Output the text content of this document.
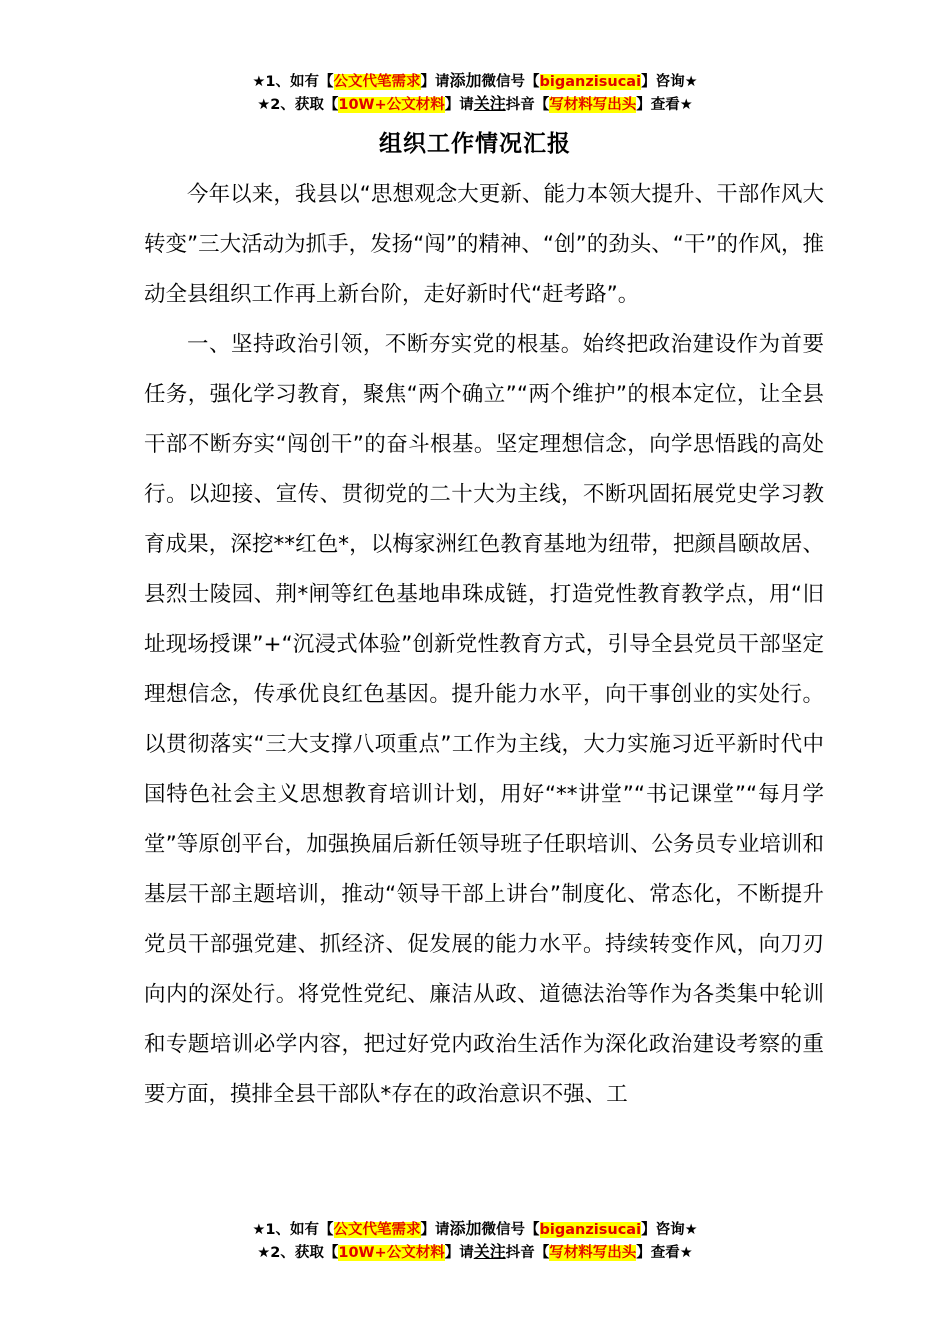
★1、如有【公文代笔需求】请添加微信号【biganzisucai】咨询★
★2、获取【10W+公文材料】请关注抖音【写材料写出头】查看★
组织工作情况汇报

今年以来，我县以“思想观念大更新、能力本领大提升、干部作风大转变”三大活动为抓手，发扬“闯”的精神、“创”的劲头、“干”的作风，推动全县组织工作再上新台阶，走好新时代“赶考路”。

一、坚持政治引领，不断夯实党的根基。始终把政治建设作为首要任务，强化学习教育，聚焦“两个确立”“两个维护”的根本定位，让全县干部不断夯实“闯创干”的奋斗根基。坚定理想信念，向学思悟践的高处行。以迎接、宣传、贯彻党的二十大为主线，不断巩固拓展党史学习教育成果，深挖**红色*，以梅家洲红色教育基地为纽带，把颜昌颐故居、县烈士陵园、荆*闸等红色基地串珠成链，打造党性教育教学点，用“旧址现场授课”+“沉浸式体验”创新党性教育方式，引导全县党员干部坚定理想信念，传承优良红色基因。提升能力水平，向干事创业的实处行。以贯彻落实“三大支撑八项重点”工作为主线，大力实施习近平新时代中国特色社会主义思想教育培训计划，用好“**讲堂”“书记课堂”“每月学堂”等原创平台，加强换届后新任领导班子任职培训、公务员专业培训和基层干部主题培训，推动“领导干部上讲台”制度化、常态化，不断提升党员干部强党建、抓经济、促发展的能力水平。持续转变作风，向刀刃向内的深处行。将党性党纪、廉洁从政、道德法治等作为各类集中轮训和专题培训必学内容，把过好党内政治生活作为深化政治建设考察的重要方面，摸排全县干部队*存在的政治意识不强、工

★1、如有【公文代笔需求】请添加微信号【biganzisucai】咨询★
★2、获取【10W+公文材料】请关注抖音【写材料写出头】查看★
